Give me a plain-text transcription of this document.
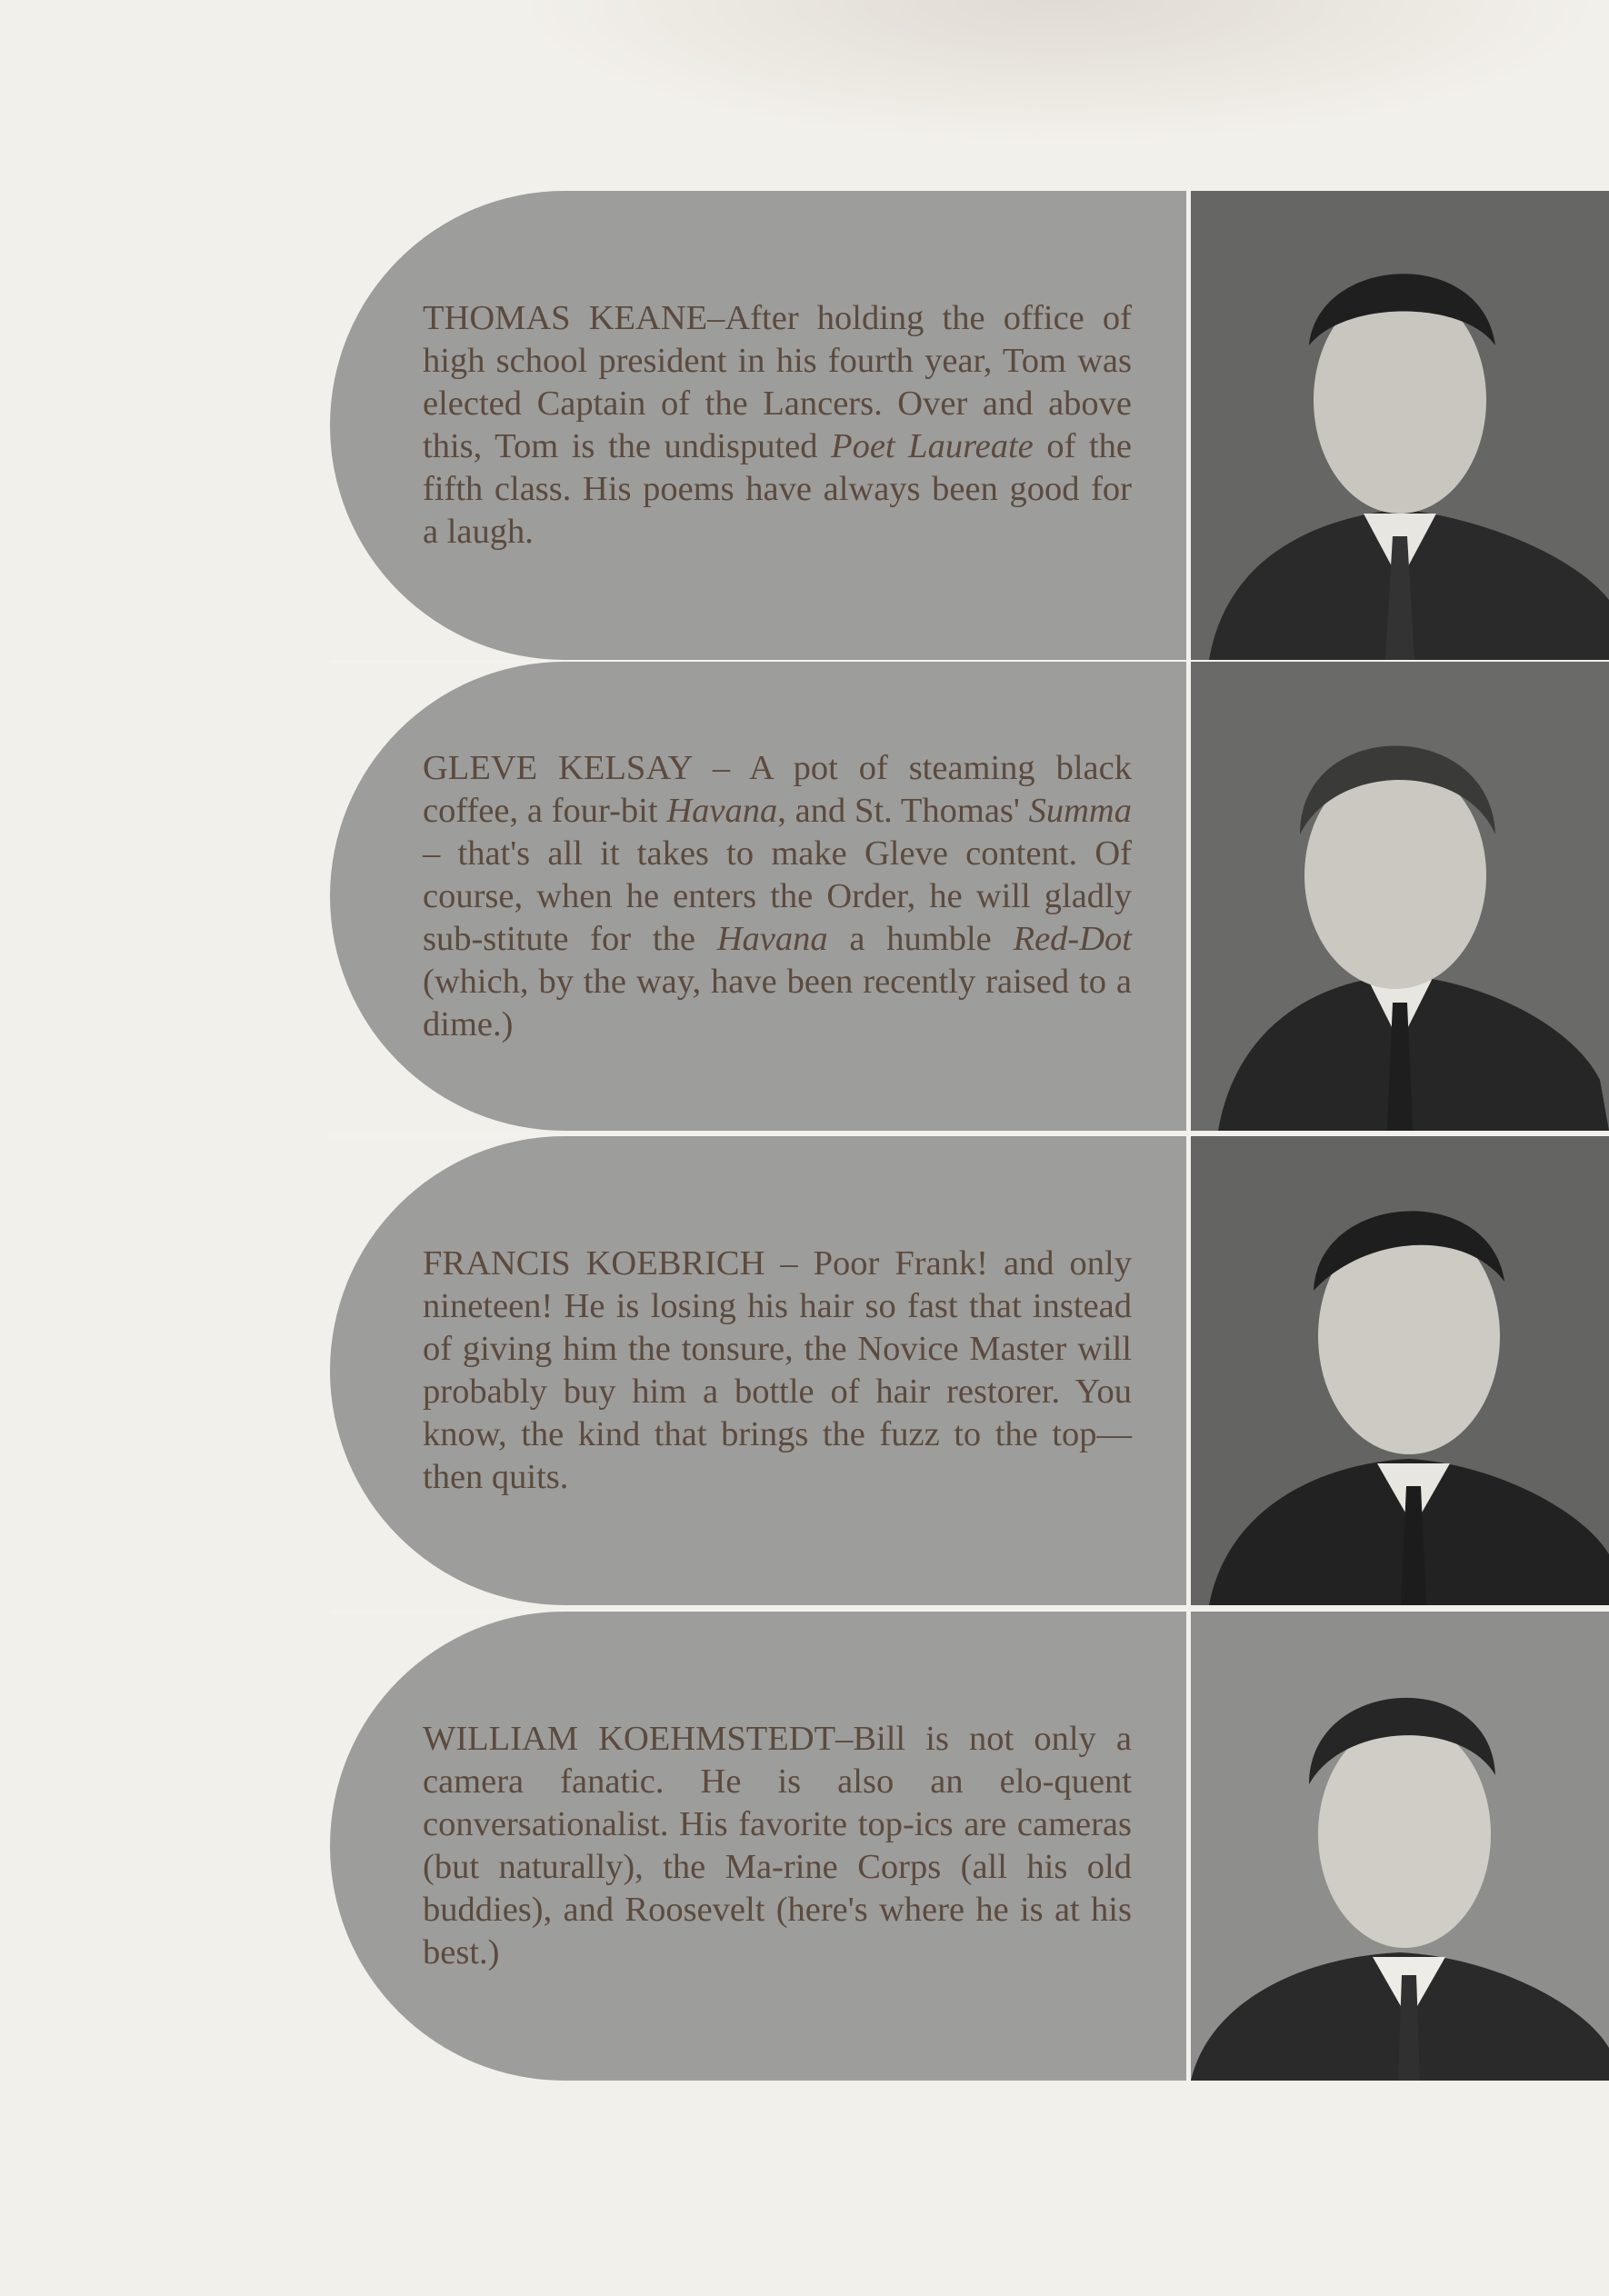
THOMAS KEANE–After holding the office of high school president in his fourth year, Tom was elected Captain of the Lancers. Over and above this, Tom is the undisputed Poet Laureate of the fifth class. His poems have always been good for a laugh.

GLEVE KELSAY – A pot of steaming black coffee, a four-bit Havana, and St. Thomas' Summa – that's all it takes to make Gleve content. Of course, when he enters the Order, he will gladly sub-stitute for the Havana a humble Red-Dot (which, by the way, have been recently raised to a dime.)

FRANCIS KOEBRICH – Poor Frank! and only nineteen! He is losing his hair so fast that instead of giving him the tonsure, the Novice Master will probably buy him a bottle of hair restorer. You know, the kind that brings the fuzz to the top—then quits.

WILLIAM KOEHMSTEDT–Bill is not only a camera fanatic. He is also an elo-quent conversationalist. His favorite top-ics are cameras (but naturally), the Ma-rine Corps (all his old buddies), and Roosevelt (here's where he is at his best.)
